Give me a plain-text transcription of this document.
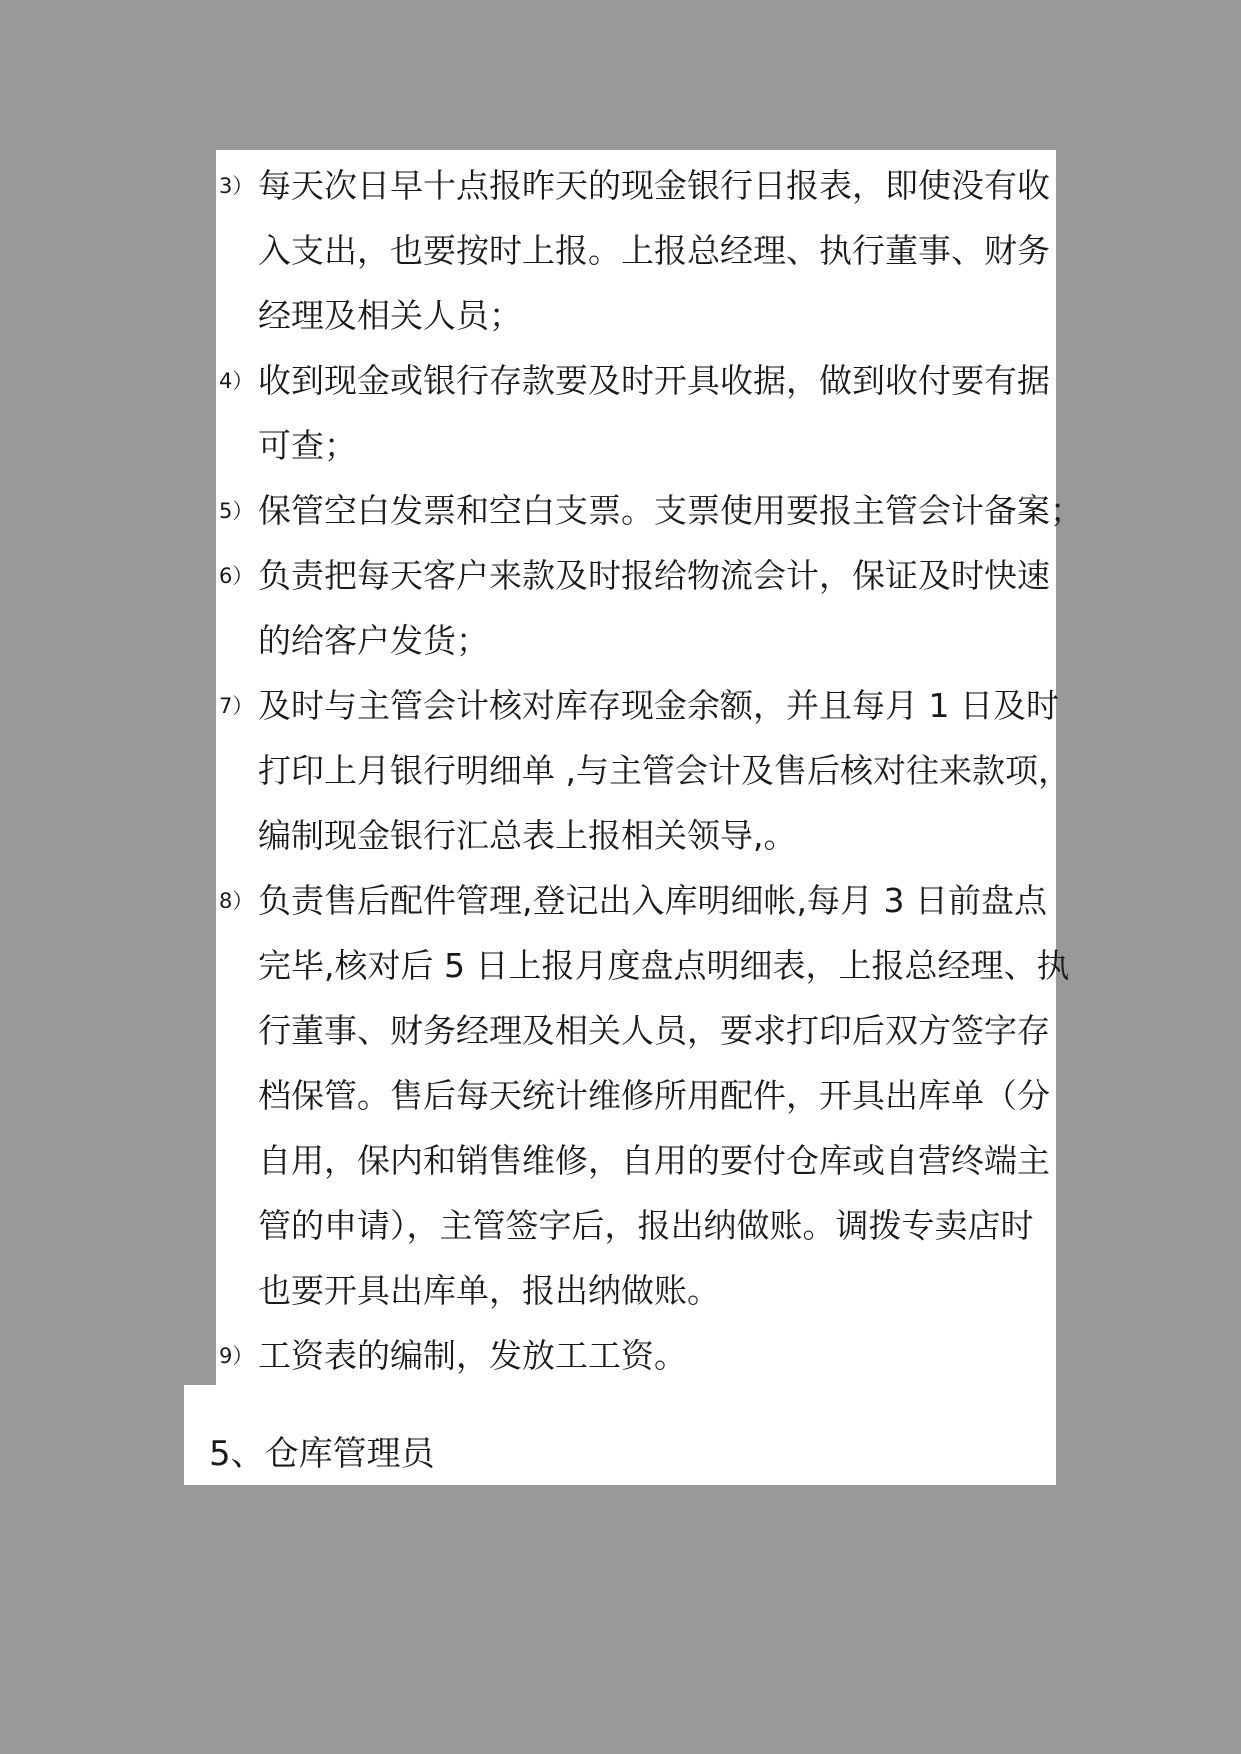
3） 每天次日早十点报昨天的现金银行日报表，即使没有收
入支出，也要按时上报。上报总经理、执行董事、财务
经理及相关人员；
4） 收到现金或银行存款要及时开具收据，做到收付要有据
可查；
5） 保管空白发票和空白支票。支票使用要报主管会计备案；
6） 负责把每天客户来款及时报给物流会计，保证及时快速
的给客户发货；
7） 及时与主管会计核对库存现金余额，并且每月 1 日及时
打印上月银行明细单 ,与主管会计及售后核对往来款项，
编制现金银行汇总表上报相关领导,。
8） 负责售后配件管理,登记出入库明细帐,每月 3 日前盘点
完毕,核对后 5 日上报月度盘点明细表，上报总经理、执
行董事、财务经理及相关人员，要求打印后双方签字存
档保管。售后每天统计维修所用配件，开具出库单（分
自用，保内和销售维修，自用的要付仓库或自营终端主
管的申请），主管签字后，报出纳做账。调拨专卖店时
也要开具出库单，报出纳做账。
9） 工资表的编制，发放工工资。
5、仓库管理员
